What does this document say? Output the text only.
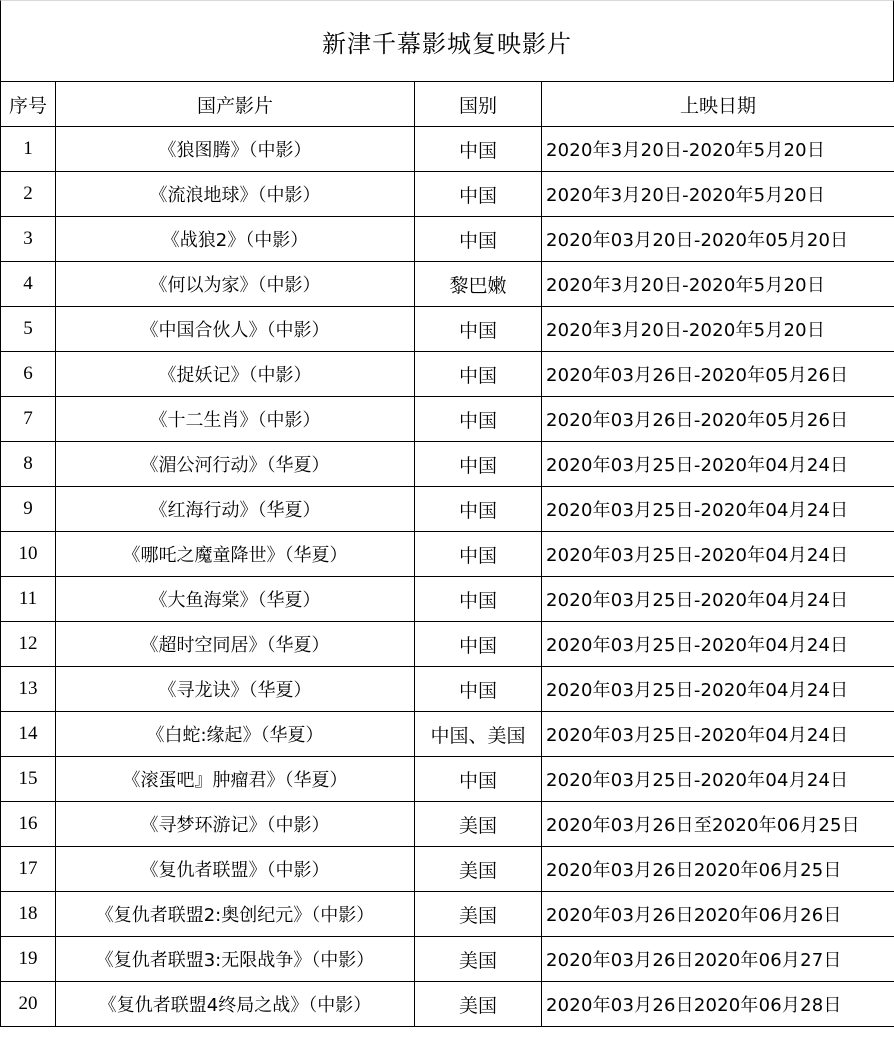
新津千幕影城复映影片
序号	国产影片	国别	上映日期
1	《狼图腾》（中影）	中国	2020年3月20日-2020年5月20日
2	《流浪地球》（中影）	中国	2020年3月20日-2020年5月20日
3	《战狼2》（中影）	中国	2020年03月20日-2020年05月20日
4	《何以为家》（中影）	黎巴嫩	2020年3月20日-2020年5月20日
5	《中国合伙人》（中影）	中国	2020年3月20日-2020年5月20日
6	《捉妖记》（中影）	中国	2020年03月26日-2020年05月26日
7	《十二生肖》（中影）	中国	2020年03月26日-2020年05月26日
8	《湄公河行动》（华夏）	中国	2020年03月25日-2020年04月24日
9	《红海行动》（华夏）	中国	2020年03月25日-2020年04月24日
10	《哪吒之魔童降世》（华夏）	中国	2020年03月25日-2020年04月24日
11	《大鱼海棠》（华夏）	中国	2020年03月25日-2020年04月24日
12	《超时空同居》（华夏）	中国	2020年03月25日-2020年04月24日
13	《寻龙诀》（华夏）	中国	2020年03月25日-2020年04月24日
14	《白蛇:缘起》（华夏）	中国、美国	2020年03月25日-2020年04月24日
15	《滚蛋吧』肿瘤君》（华夏）	中国	2020年03月25日-2020年04月24日
16	《寻梦环游记》（中影）	美国	2020年03月26日至2020年06月25日
17	《复仇者联盟》（中影）	美国	2020年03月26日2020年06月25日
18	《复仇者联盟2:奥创纪元》（中影）	美国	2020年03月26日2020年06月26日
19	《复仇者联盟3:无限战争》（中影）	美国	2020年03月26日2020年06月27日
20	《复仇者联盟4终局之战》（中影）	美国	2020年03月26日2020年06月28日
